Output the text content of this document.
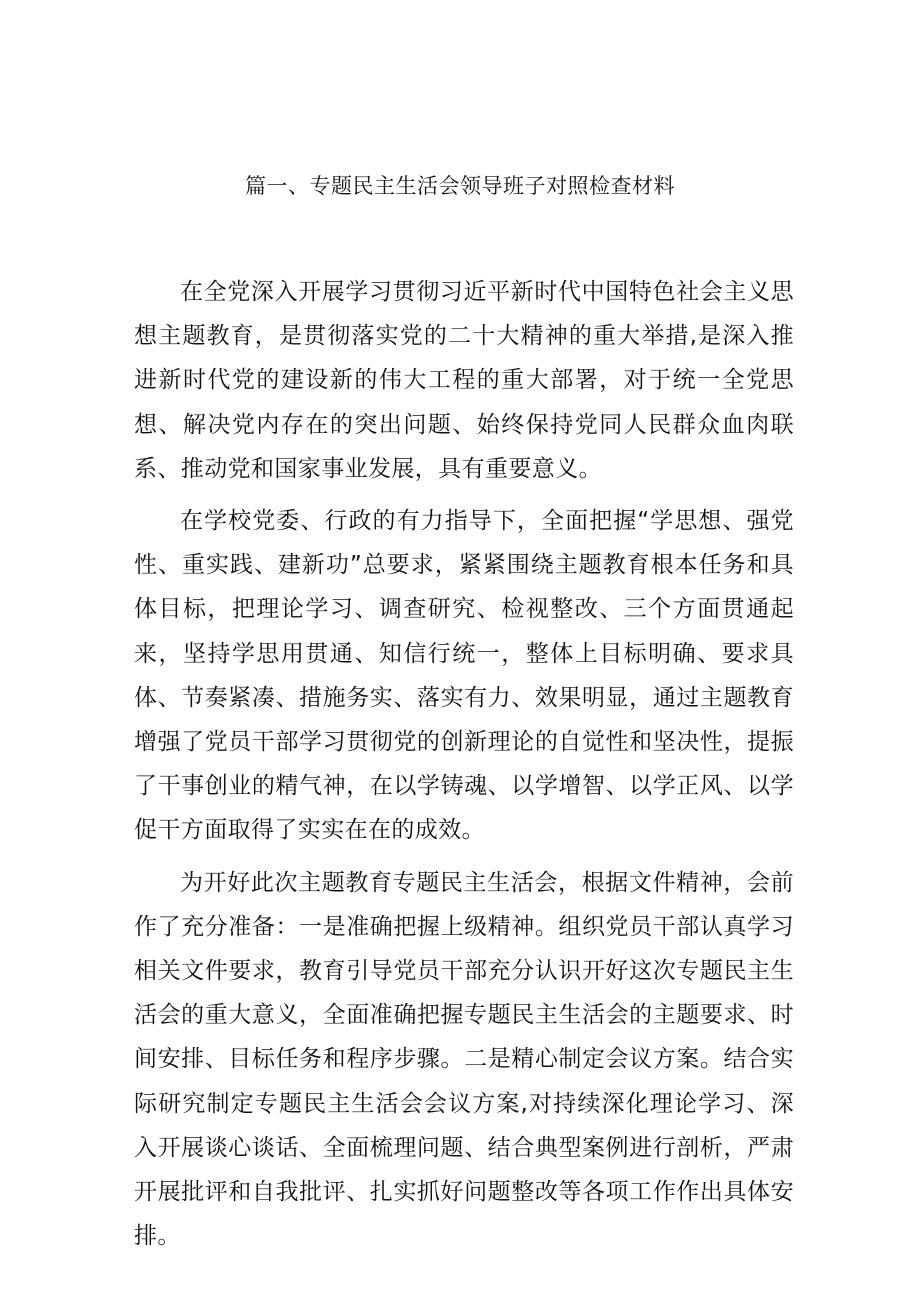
篇一、专题民主生活会领导班子对照检查材料

在全党深入开展学习贯彻习近平新时代中国特色社会主义思想主题教育，是贯彻落实党的二十大精神的重大举措,是深入推进新时代党的建设新的伟大工程的重大部署，对于统一全党思想、解决党内存在的突出问题、始终保持党同人民群众血肉联系、推动党和国家事业发展，具有重要意义。

在学校党委、行政的有力指导下，全面把握“学思想、强党性、重实践、建新功”总要求，紧紧围绕主题教育根本任务和具体目标，把理论学习、调查研究、检视整改、三个方面贯通起来，坚持学思用贯通、知信行统一，整体上目标明确、要求具体、节奏紧凑、措施务实、落实有力、效果明显，通过主题教育增强了党员干部学习贯彻党的创新理论的自觉性和坚决性，提振了干事创业的精气神，在以学铸魂、以学增智、以学正风、以学促干方面取得了实实在在的成效。

为开好此次主题教育专题民主生活会，根据文件精神，会前作了充分准备：一是准确把握上级精神。组织党员干部认真学习相关文件要求，教育引导党员干部充分认识开好这次专题民主生活会的重大意义，全面准确把握专题民主生活会的主题要求、时间安排、目标任务和程序步骤。二是精心制定会议方案。结合实际研究制定专题民主生活会会议方案,对持续深化理论学习、深入开展谈心谈话、全面梳理问题、结合典型案例进行剖析，严肃开展批评和自我批评、扎实抓好问题整改等各项工作作出具体安排。
